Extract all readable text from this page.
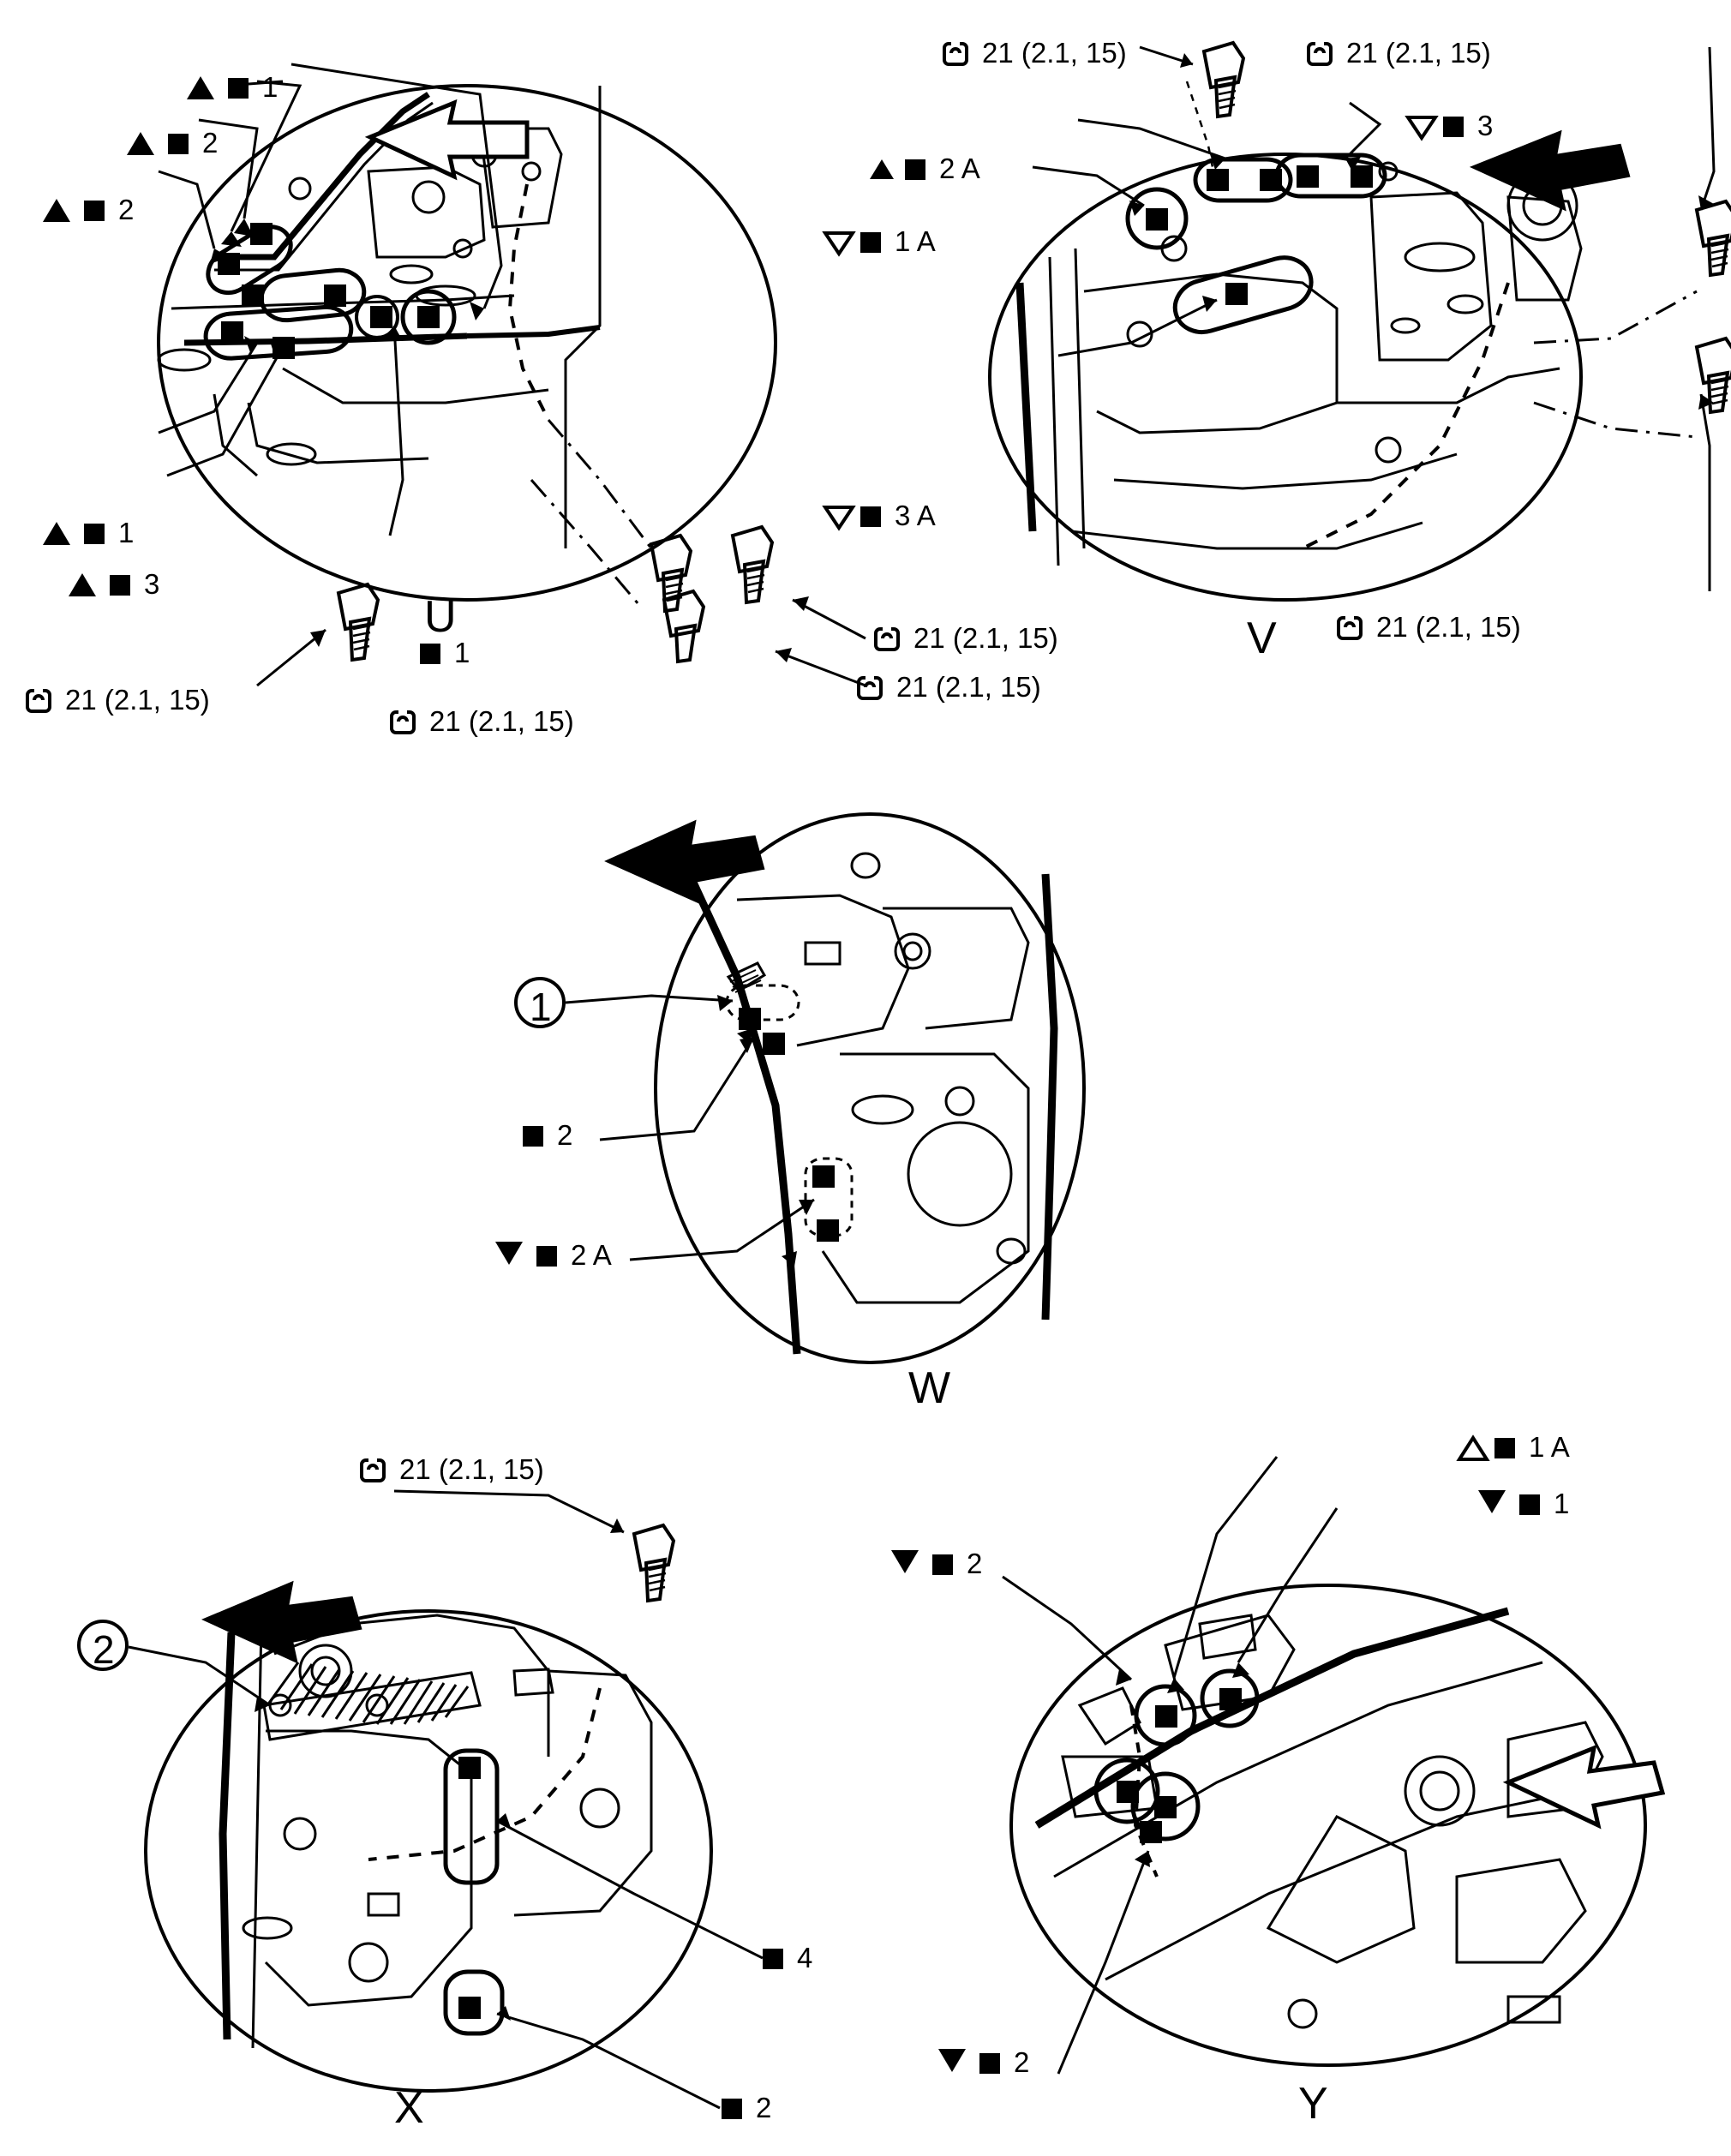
U
1
2
2
1
3
1
21 (2.1, 15)
21 (2.1, 15)
21 (2.1, 15)
21 (2.1, 15)
V
2 A
1 A
3 A
3
21 (2.1, 15)
21 (2.1, 15)	21 (2.1, 15)
W
1
2
2 A
X
21 (2.1, 15)
2
4
2	Y
1 A
1
2
2
